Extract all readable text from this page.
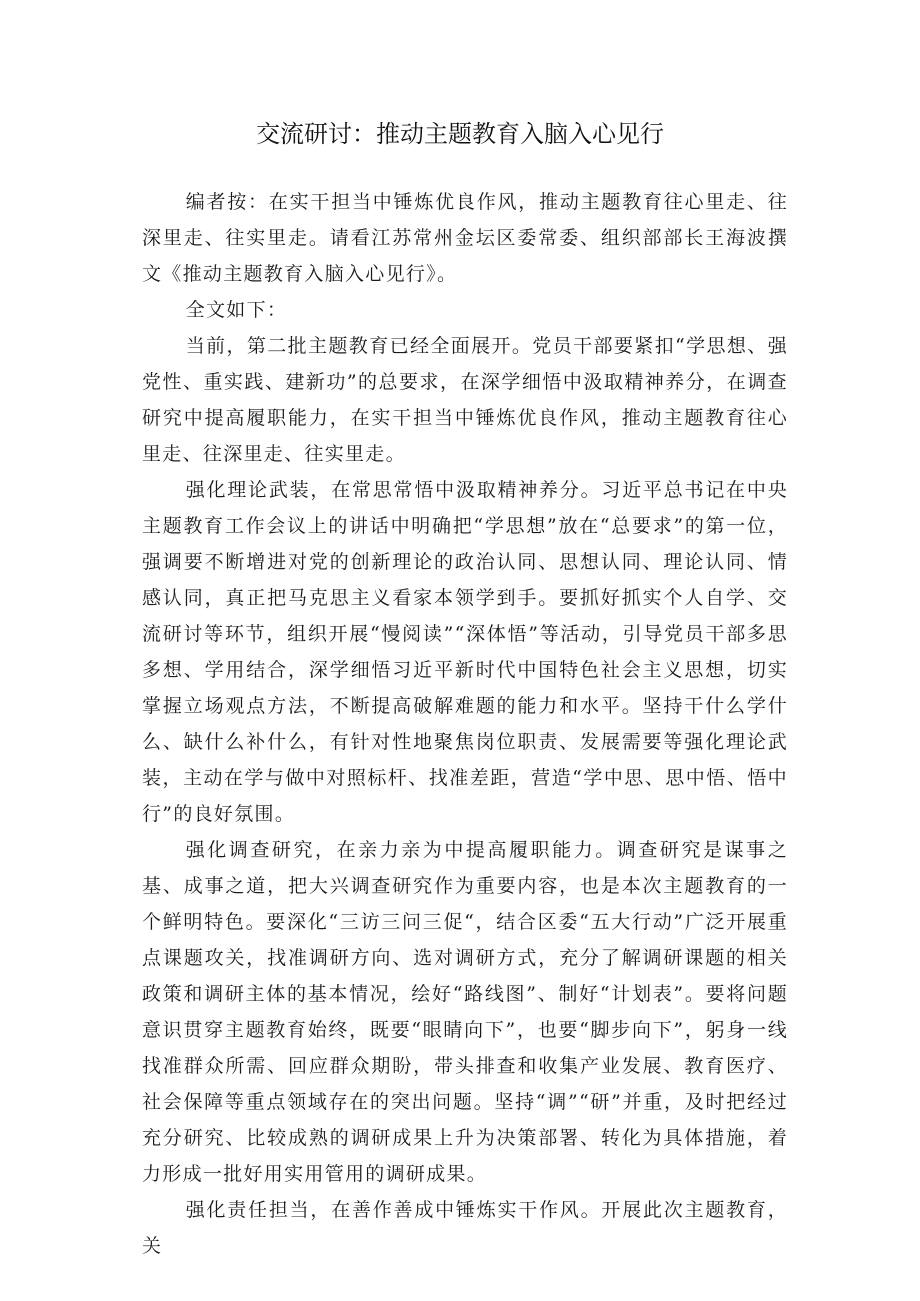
交流研讨：推动主题教育入脑入心见行

编者按：在实干担当中锤炼优良作风，推动主题教育往心里走、往深里走、往实里走。请看江苏常州金坛区委常委、组织部部长王海波撰文《推动主题教育入脑入心见行》。

全文如下：

当前，第二批主题教育已经全面展开。党员干部要紧扣“学思想、强党性、重实践、建新功”的总要求，在深学细悟中汲取精神养分，在调查研究中提高履职能力，在实干担当中锤炼优良作风，推动主题教育往心里走、往深里走、往实里走。

强化理论武装，在常思常悟中汲取精神养分。习近平总书记在中央主题教育工作会议上的讲话中明确把“学思想”放在“总要求”的第一位，强调要不断增进对党的创新理论的政治认同、思想认同、理论认同、情感认同，真正把马克思主义看家本领学到手。要抓好抓实个人自学、交流研讨等环节，组织开展“慢阅读”“深体悟”等活动，引导党员干部多思多想、学用结合，深学细悟习近平新时代中国特色社会主义思想，切实掌握立场观点方法，不断提高破解难题的能力和水平。坚持干什么学什么、缺什么补什么，有针对性地聚焦岗位职责、发展需要等强化理论武装，主动在学与做中对照标杆、找准差距，营造“学中思、思中悟、悟中行”的良好氛围。

强化调查研究，在亲力亲为中提高履职能力。调查研究是谋事之基、成事之道，把大兴调查研究作为重要内容，也是本次主题教育的一个鲜明特色。要深化“三访三问三促“，结合区委“五大行动”广泛开展重点课题攻关，找准调研方向、选对调研方式，充分了解调研课题的相关政策和调研主体的基本情况，绘好“路线图”、制好“计划表”。要将问题意识贯穿主题教育始终，既要“眼睛向下”，也要“脚步向下”，躬身一线找准群众所需、回应群众期盼，带头排查和收集产业发展、教育医疗、社会保障等重点领域存在的突出问题。坚持“调”“研”并重，及时把经过充分研究、比较成熟的调研成果上升为决策部署、转化为具体措施，着力形成一批好用实用管用的调研成果。

强化责任担当，在善作善成中锤炼实干作风。开展此次主题教育，关
